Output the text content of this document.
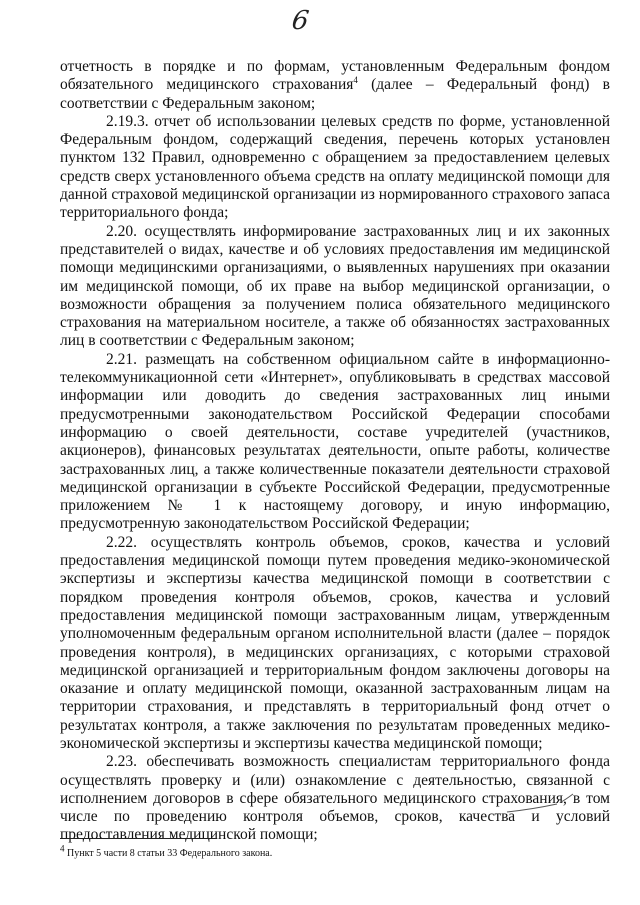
6

отчетность в порядке и по формам, установленным Федеральным фондом обязательного медицинского страхования$^4$ (далее – Федеральный фонд) в соответствии с Федеральным законом;

2.19.3. отчет об использовании целевых средств по форме, установленной Федеральным фондом, содержащий сведения, перечень которых установлен пунктом 132 Правил, одновременно с обращением за предоставлением целевых средств сверх установленного объема средств на оплату медицинской помощи для данной страховой медицинской организации из нормированного страхового запаса территориального фонда;

2.20. осуществлять информирование застрахованных лиц и их законных представителей о видах, качестве и об условиях предоставления им медицинской помощи медицинскими организациями, о выявленных нарушениях при оказании им медицинской помощи, об их праве на выбор медицинской организации, о возможности обращения за получением полиса обязательного медицинского страхования на материальном носителе, а также об обязанностях застрахованных лиц в соответствии с Федеральным законом;

2.21. размещать на собственном официальном сайте в информационно-телекоммуникационной сети «Интернет», опубликовывать в средствах массовой информации или доводить до сведения застрахованных лиц иными предусмотренными законодательством Российской Федерации способами информацию о своей деятельности, составе учредителей (участников, акционеров), финансовых результатах деятельности, опыте работы, количестве застрахованных лиц, а также количественные показатели деятельности страховой медицинской организации в субъекте Российской Федерации, предусмотренные приложением № 1 к настоящему договору, и иную информацию, предусмотренную законодательством Российской Федерации;

2.22. осуществлять контроль объемов, сроков, качества и условий предоставления медицинской помощи путем проведения медико-экономической экспертизы и экспертизы качества медицинской помощи в соответствии с порядком проведения контроля объемов, сроков, качества и условий предоставления медицинской помощи застрахованным лицам, утвержденным уполномоченным федеральным органом исполнительной власти (далее – порядок проведения контроля), в медицинских организациях, с которыми страховой медицинской организацией и территориальным фондом заключены договоры на оказание и оплату медицинской помощи, оказанной застрахованным лицам на территории страхования, и представлять в территориальный фонд отчет о результатах контроля, а также заключения по результатам проведенных медико-экономической экспертизы и экспертизы качества медицинской помощи;

2.23. обеспечивать возможность специалистам территориального фонда осуществлять проверку и (или) ознакомление с деятельностью, связанной с исполнением договоров в сфере обязательного медицинского страхования, в том числе по проведению контроля объемов, сроков, качества и условий предоставления медицинской помощи;

$^4$ Пункт 5 части 8 статьи 33 Федерального закона.
